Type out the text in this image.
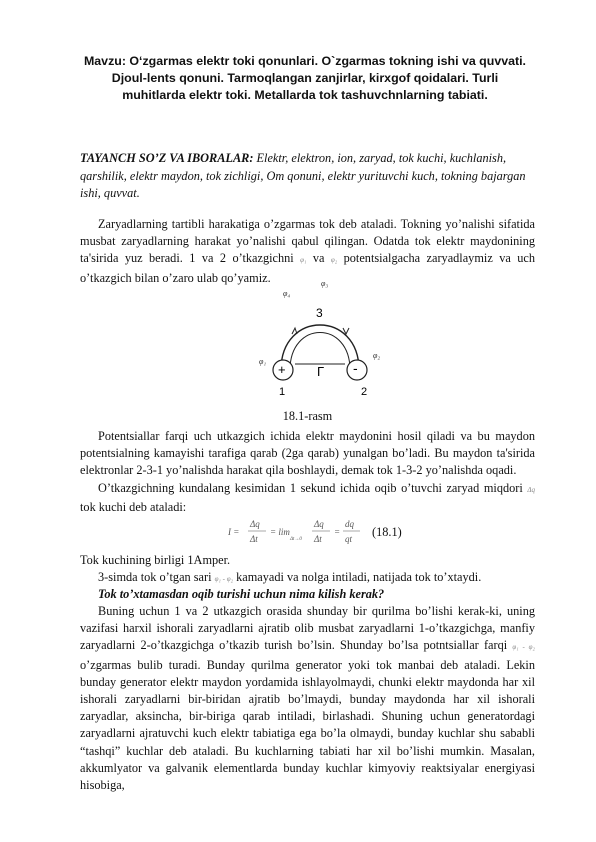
Mavzu: O‘zgarmas elektr toki qonunlari. O`zgarmas tokning ishi va quvvati.
Djoul-lents qonuni. Tarmoqlangan zanjirlar, kirxgof qoidalari. Turli
muhitlarda elektr toki. Metallarda tok tashuvchnlarning tabiati.
TAYANCH SO’Z VA IBORALAR: Elektr, elektron, ion, zaryad, tok kuchi, kuchlanish, qarshilik, elektr maydon, tok zichligi, Om qonuni, elektr yurituvchi kuch, tokning bajargan ishi, quvvat.
Zaryadlarning tartibli harakatiga o’zgarmas tok deb ataladi. Tokning yo’nalishi sifatida musbat zaryadlarning harakat yo’nalishi qabul qilingan. Odatda tok elektr maydonining ta'sirida yuz beradi. 1 va 2 o’tkazgichni φ₁ va φ₂ potentsialgacha zaryadlaymiz va uch o’tkazgich bilan o’zaro ulab qo’yamiz.
+	-
3
1	2
Г
φ₄
φ₃
φ₁
φ₂
18.1-rasm
Potentsiallar farqi uch utkazgich ichida elektr maydonini hosil qiladi va bu maydon potentsialning kamayishi tarafiga qarab (2ga qarab) yunalgan bo’ladi. Bu maydon ta'sirida elektronlar 2-3-1 yo’nalishda harakat qila boshlaydi, demak tok 1-3-2 yo’nalishda oqadi.
O’tkazgichning kundalang kesimidan 1 sekund ichida oqib o’tuvchi zaryad miqdori Δq tok kuchi deb ataladi:
I =
Δq
Δt
= lim
Δt→0
Δq
Δt
=
dq
qt (18.1)
Tok kuchining birligi 1Amper.
3-simda tok o’tgan sari φ₁ - φ₂ kamayadi va nolga intiladi, natijada tok to’xtaydi.
Tok to’xtamasdan oqib turishi uchun nima kilish kerak?
Buning uchun 1 va 2 utkazgich orasida shunday bir qurilma bo’lishi kerak-ki, uning vazifasi harxil ishorali zaryadlarni ajratib olib musbat zaryadlarni 1-o’tkazgichga, manfiy zaryadlarni 2-o’tkazgichga o’tkazib turish bo’lsin. Shunday bo’lsa potntsiallar farqi φ₁ - φ₂ o’zgarmas bulib turadi. Bunday qurilma generator yoki tok manbai deb ataladi. Lekin bunday generator elektr maydon yordamida ishlayolmaydi, chunki elektr maydonda har xil ishorali zaryadlarni bir-biridan ajratib bo’lmaydi, bunday maydonda har xil ishorali zaryadlar, aksincha, bir-biriga qarab intiladi, birlashadi. Shuning uchun generatordagi zaryadlarni ajratuvchi kuch elektr tabiatiga ega bo’la olmaydi, bunday kuchlar shu sababli “tashqi” kuchlar deb ataladi. Bu kuchlarning tabiati har xil bo’lishi mumkin. Masalan, akkumlyator va galvanik elementlarda bunday kuchlar kimyoviy reaktsiyalar energiyasi hisobiga,
